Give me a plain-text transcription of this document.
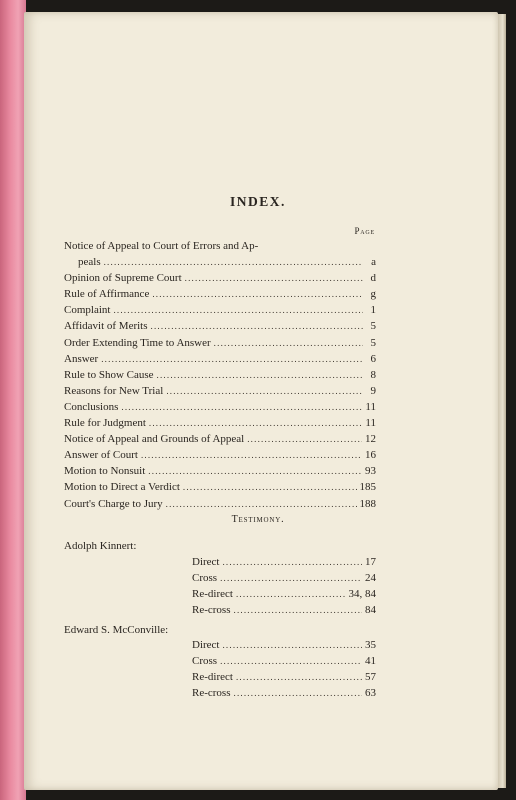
INDEX.
Page
Notice of Appeal to Court of Errors and Ap-
peals .....	a
Opinion of Supreme Court .....	d
Rule of Affirmance .....	g
Complaint .....	1
Affidavit of Merits .....	5
Order Extending Time to Answer .....	5
Answer .....	6
Rule to Show Cause .....	8
Reasons for New Trial .....	9
Conclusions .....	11
Rule for Judgment .....	11
Notice of Appeal and Grounds of Appeal .....	12
Answer of Court .....	16
Motion to Nonsuit .....	93
Motion to Direct a Verdict .....	185
Court's Charge to Jury .....	188
Testimony.
Adolph Kinnert:
Direct .....	17
Cross .....	24
Re-direct .....	34, 84
Re-cross .....	84
Edward S. McConville:
Direct .....	35
Cross .....	41
Re-direct .....	57
Re-cross .....	63
